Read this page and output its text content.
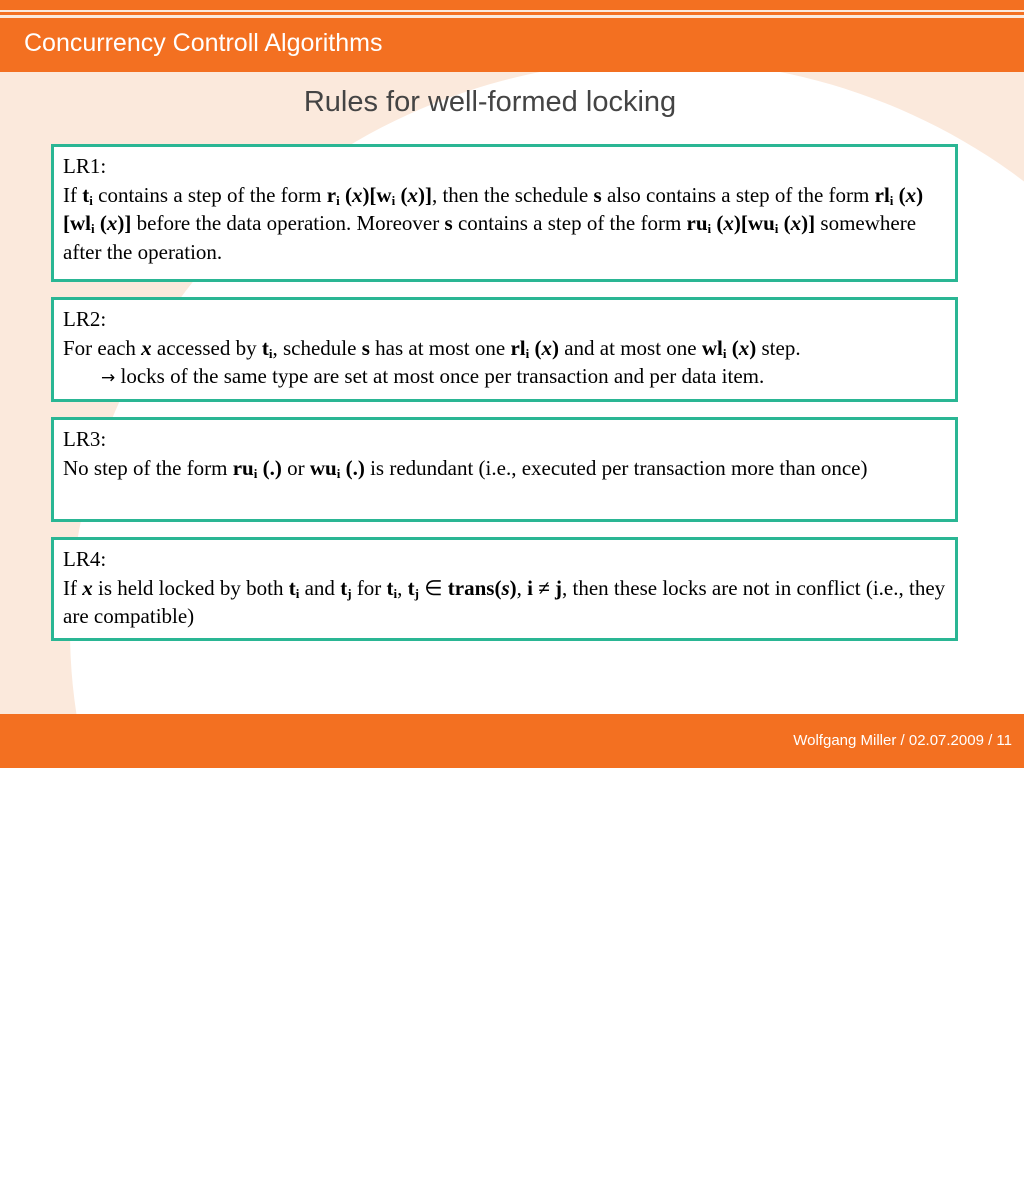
Concurrency Controll Algorithms
Rules for well-formed locking
LR1:

If $t_i$ contains a step of the form $r_i$ $(x)[w_i$ (x)], then the schedule s also contains a step of the form $rl_i$ $(x)[wl_i$ (x)] before the data operation. Moreover s contains a step of the form $ru_i$ $(x)[wu_i$ (x)] somewhere after the operation.

LR2:

For each x accessed by $t_i$, schedule s has at most one $rl_i$ (x) and at most one $wl_i$ (x) step.

→ locks of the same type are set at most once per transaction and per data item.

LR3:

No step of the form $ru_i$ (.) or $wu_i$ (.) is redundant (i.e., executed per transaction more than once)

LR4:

If x is held locked by both $t_i$ and $t_j$ for $t_i$, $t_j$ ∈ trans(s), i ≠ j, then these locks are not in conflict (i.e., they are compatible)

Wolfgang Miller / 02.07.2009 / 11
